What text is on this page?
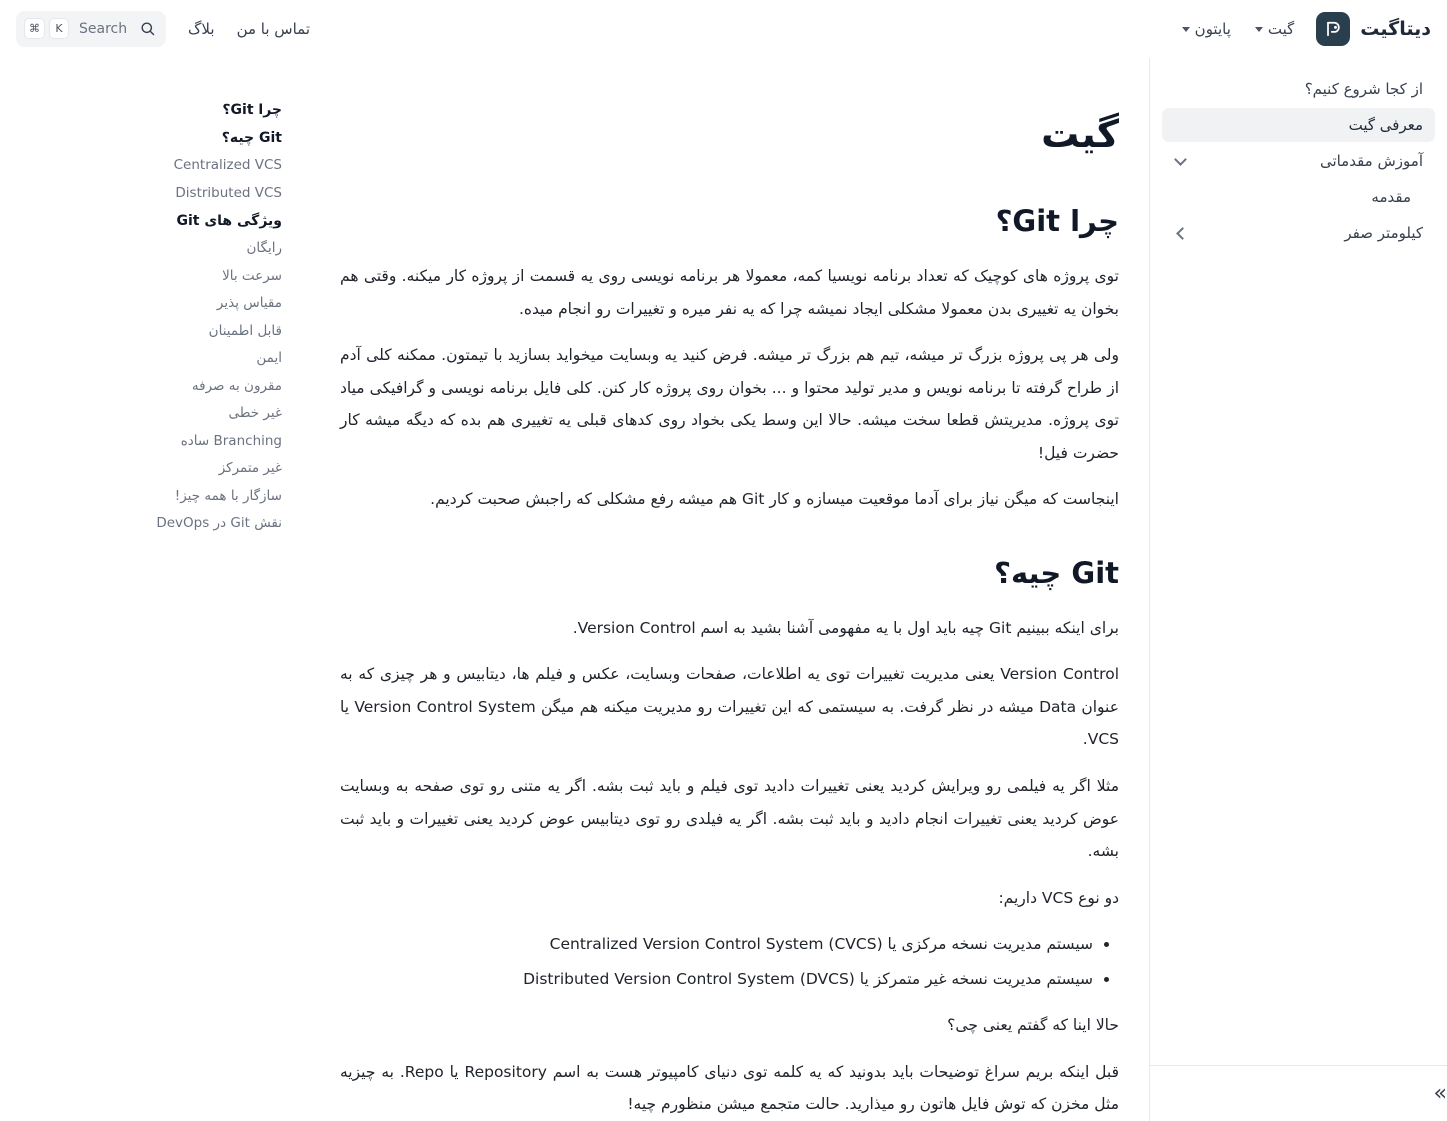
دیتاگیت
گیت
پایتون
تماس با من
بلاگ
Search
⌘	K
از کجا شروع کنیم؟
معرفی گیت
آموزش مقدماتی
مقدمه
کیلومتر صفر
»
گیت
چرا Git؟

توی پروژه های کوچیک که تعداد برنامه نویسیا کمه، معمولا هر برنامه نویسی روی یه قسمت از پروژه کار میکنه. وقتی هم بخوان یه تغییری بدن معمولا مشکلی ایجاد نمیشه چرا که یه نفر میره و تغییرات رو انجام میده.

ولی هر پی پروژه بزرگ تر میشه، تیم هم بزرگ تر میشه. فرض کنید یه وبسایت میخواید بسازید با تیمتون. ممکنه کلی آدم از طراح گرفته تا برنامه نویس و مدیر تولید محتوا و ... بخوان روی پروژه کار کنن. کلی فایل برنامه نویسی و گرافیکی میاد توی پروژه. مدیریتش قطعا سخت میشه. حالا این وسط یکی بخواد روی کدهای قبلی یه تغییری هم بده که دیگه میشه کار حضرت فیل!

اینجاست که میگن نیاز برای آدما موقعیت میسازه و کار Git هم میشه رفع مشکلی که راجبش صحبت کردیم.

Git چیه؟

برای اینکه ببینیم Git چیه باید اول با یه مفهومی آشنا بشید به اسم Version Control.

Version Control یعنی مدیریت تغییرات توی یه اطلاعات، صفحات وبسایت، عکس و فیلم ها، دیتابیس و هر چیزی که به عنوان Data میشه در نظر گرفت. به سیستمی که این تغییرات رو مدیریت میکنه هم میگن Version Control System یا VCS.

مثلا اگر یه فیلمی رو ویرایش کردید یعنی تغییرات دادید توی فیلم و باید ثبت بشه. اگر یه متنی رو توی صفحه به وبسایت عوض کردید یعنی تغییرات انجام دادید و باید ثبت بشه. اگر یه فیلدی رو توی دیتابیس عوض کردید یعنی تغییرات و باید ثبت بشه.

دو نوع VCS داریم:

• سیستم مدیریت نسخه مرکزی یا Centralized Version Control System (CVCS)
• سیستم مدیریت نسخه غیر متمرکز یا Distributed Version Control System (DVCS)

حالا اینا که گفتم یعنی چی؟

قبل اینکه بریم سراغ توضیحات باید بدونید که یه کلمه توی دنیای کامپیوتر هست به اسم Repository یا Repo. به چیزیه مثل مخزن که توش فایل هاتون رو میذارید. حالت متجمع میشن منظورم چیه!

چرا Git؟
Git چیه؟
Centralized VCS
Distributed VCS
ویژگی های Git
رایگان
سرعت بالا
مقیاس پذیر
قابل اطمینان
ایمن
مقرون به صرفه
غیر خطی
Branching ساده
غیر متمرکز
سازگار با همه چیز!
نقش Git در DevOps
